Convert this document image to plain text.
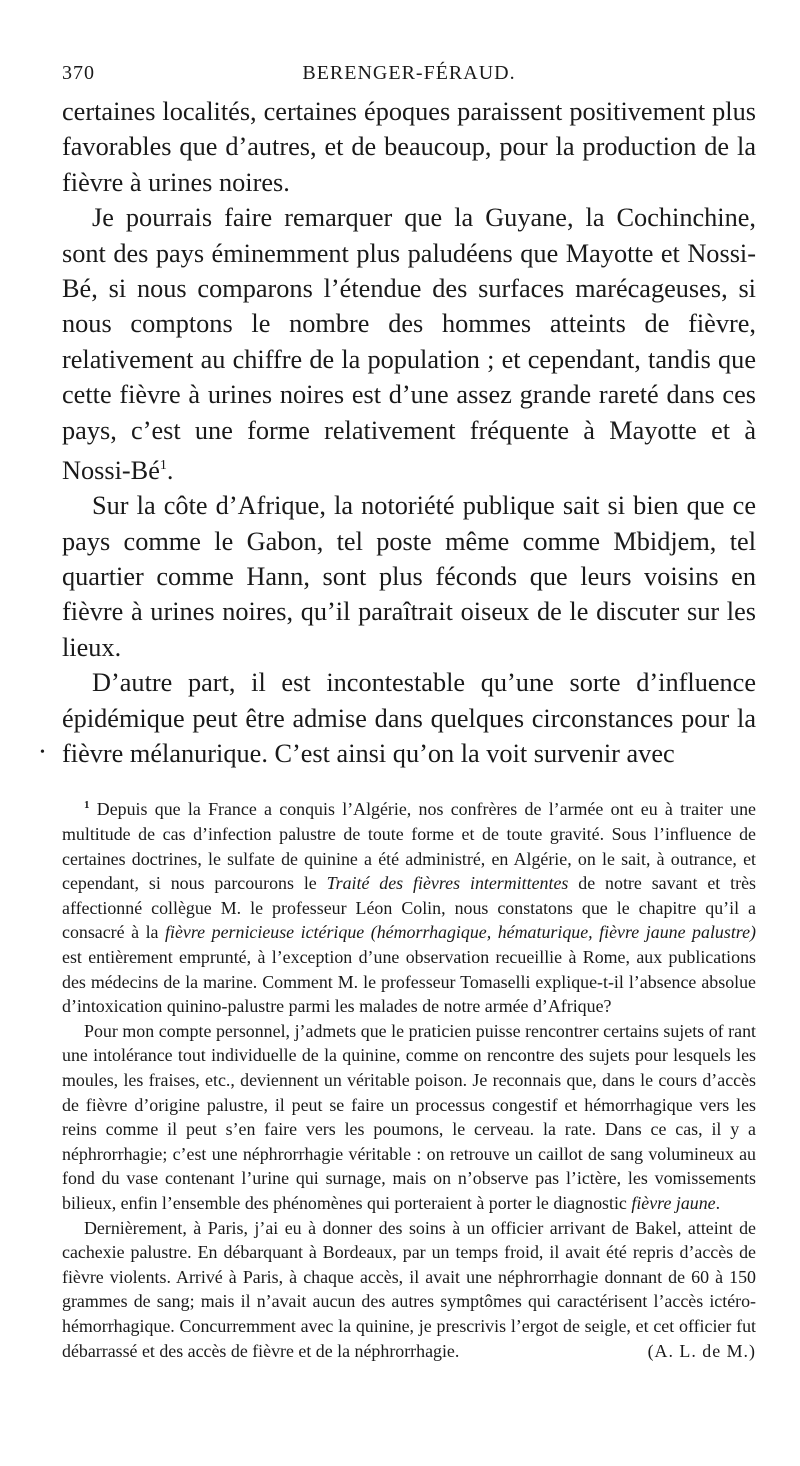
370	BERENGER-FÉRAUD.

certaines localités, certaines époques paraissent positivement plus favorables que d’autres, et de beaucoup, pour la production de la fièvre à urines noires.

Je pourrais faire remarquer que la Guyane, la Cochinchine, sont des pays éminemment plus paludéens que Mayotte et Nossi-Bé, si nous comparons l’étendue des surfaces marécageuses, si nous comptons le nombre des hommes atteints de fièvre, relativement au chiffre de la population ; et cependant, tandis que cette fièvre à urines noires est d’une assez grande rareté dans ces pays, c’est une forme relativement fréquente à Mayotte et à Nossi-$Bé^1$.

Sur la côte d’Afrique, la notoriété publique sait si bien que ce pays comme le Gabon, tel poste même comme Mbidjem, tel quartier comme Hann, sont plus féconds que leurs voisins en fièvre à urines noires, qu’il paraîtrait oiseux de le discuter sur les lieux.

D’autre part, il est incontestable qu’une sorte d’influence épidémique peut être admise dans quelques circonstances pour la fièvre mélanurique. C’est ainsi qu’on la voit survenir avec

$^1$ Depuis que la France a conquis l’Algérie, nos confrères de l’armée ont eu à traiter une multitude de cas d’infection palustre de toute forme et de toute gravité. Sous l’influence de certaines doctrines, le sulfate de quinine a été administré, en Algérie, on le sait, à outrance, et cependant, si nous parcourons le Traité des fièvres intermittentes de notre savant et très affectionné collègue M. le professeur Léon Colin, nous constatons que le chapitre qu’il a consacré à la fièvre pernicieuse ictérique (hémorrhagique, hématurique, fièvre jaune palustre) est entièrement emprunté, à l’exception d’une observation recueillie à Rome, aux publications des médecins de la marine. Comment M. le professeur Tomaselli explique-t-il l’absence absolue d’intoxication quinino-palustre parmi les malades de notre armée d’Afrique?

Pour mon compte personnel, j’admets que le praticien puisse rencontrer certains sujets of rant une intolérance tout individuelle de la quinine, comme on rencontre des sujets pour lesquels les moules, les fraises, etc., deviennent un véritable poison. Je reconnais que, dans le cours d’accès de fièvre d’origine palustre, il peut se faire un processus congestif et hémorrhagique vers les reins comme il peut s’en faire vers les poumons, le cerveau. la rate. Dans ce cas, il y a néphrorrhagie; c’est une néphrorrhagie véritable : on retrouve un caillot de sang volumineux au fond du vase contenant l’urine qui surnage, mais on n’observe pas l’ictère, les vomissements bilieux, enfin l’ensemble des phénomènes qui porteraient à porter le diagnostic fièvre jaune.

Dernièrement, à Paris, j’ai eu à donner des soins à un officier arrivant de Bakel, atteint de cachexie palustre. En débarquant à Bordeaux, par un temps froid, il avait été repris d’accès de fièvre violents. Arrivé à Paris, à chaque accès, il avait une néphrorrhagie donnant de 60 à 150 grammes de sang; mais il n’avait aucun des autres symptômes qui caractérisent l’accès ictéro-hémorrhagique. Concurremment avec la quinine, je prescrivis l’ergot de seigle, et cet officier fut débarrassé et des accès de fièvre et de la néphrorrhagie.	(A. L. de M.)

•
